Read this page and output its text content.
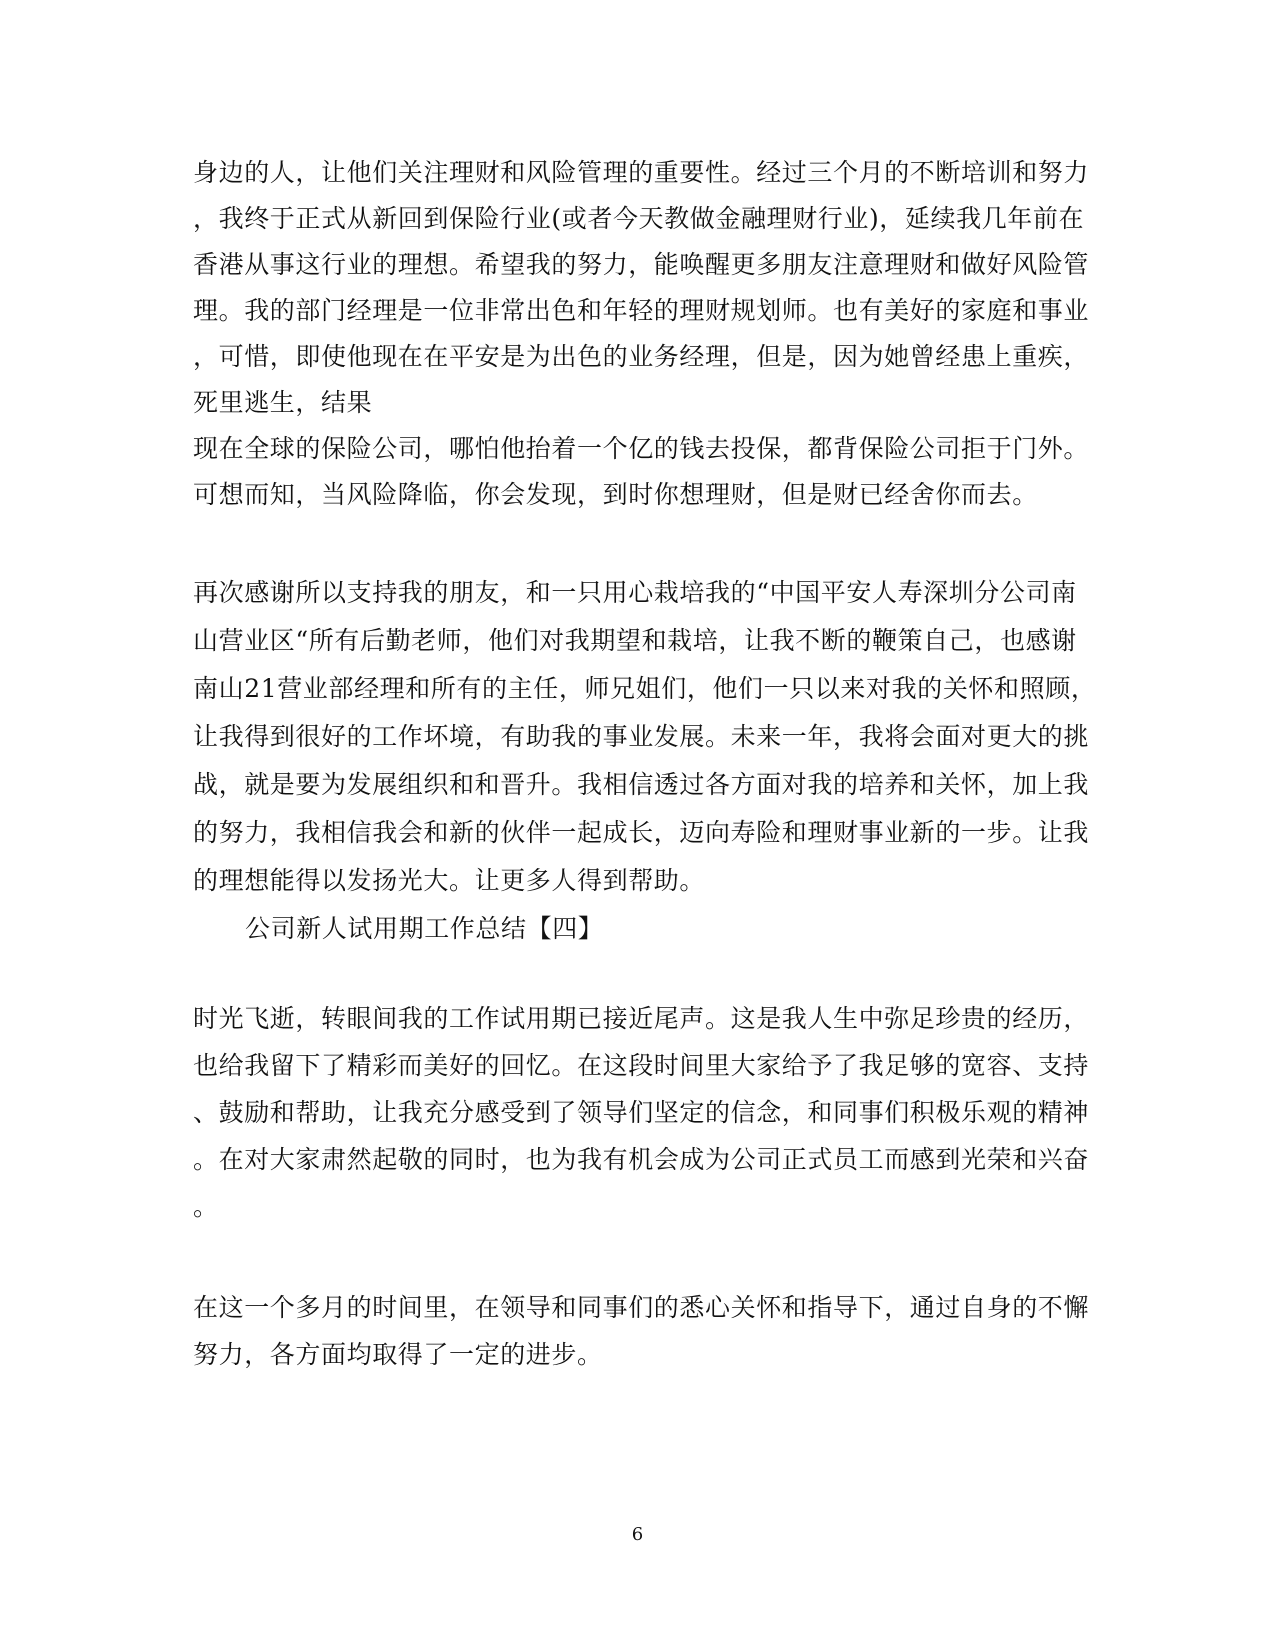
身边的人，让他们关注理财和风险管理的重要性。经过三个月的不断培训和努力
，我终于正式从新回到保险行业(或者今天教做金融理财行业)，延续我几年前在
香港从事这行业的理想。希望我的努力，能唤醒更多朋友注意理财和做好风险管
理。我的部门经理是一位非常出色和年轻的理财规划师。也有美好的家庭和事业
，可惜，即使他现在在平安是为出色的业务经理，但是，因为她曾经患上重疾，
死里逃生，结果
现在全球的保险公司，哪怕他抬着一个亿的钱去投保，都背保险公司拒于门外。
可想而知，当风险降临，你会发现，到时你想理财，但是财已经舍你而去。
再次感谢所以支持我的朋友，和一只用心栽培我的“中国平安人寿深圳分公司南
山营业区“所有后勤老师，他们对我期望和栽培，让我不断的鞭策自己，也感谢
南山21营业部经理和所有的主任，师兄姐们，他们一只以来对我的关怀和照顾，
让我得到很好的工作坏境，有助我的事业发展。未来一年，我将会面对更大的挑
战，就是要为发展组织和和晋升。我相信透过各方面对我的培养和关怀，加上我
的努力，我相信我会和新的伙伴一起成长，迈向寿险和理财事业新的一步。让我
的理想能得以发扬光大。让更多人得到帮助。
公司新人试用期工作总结【四】
时光飞逝，转眼间我的工作试用期已接近尾声。这是我人生中弥足珍贵的经历，
也给我留下了精彩而美好的回忆。在这段时间里大家给予了我足够的宽容、支持
、鼓励和帮助，让我充分感受到了领导们坚定的信念，和同事们积极乐观的精神
。在对大家肃然起敬的同时，也为我有机会成为公司正式员工而感到光荣和兴奋
。
在这一个多月的时间里，在领导和同事们的悉心关怀和指导下，通过自身的不懈
努力，各方面均取得了一定的进步。
6
